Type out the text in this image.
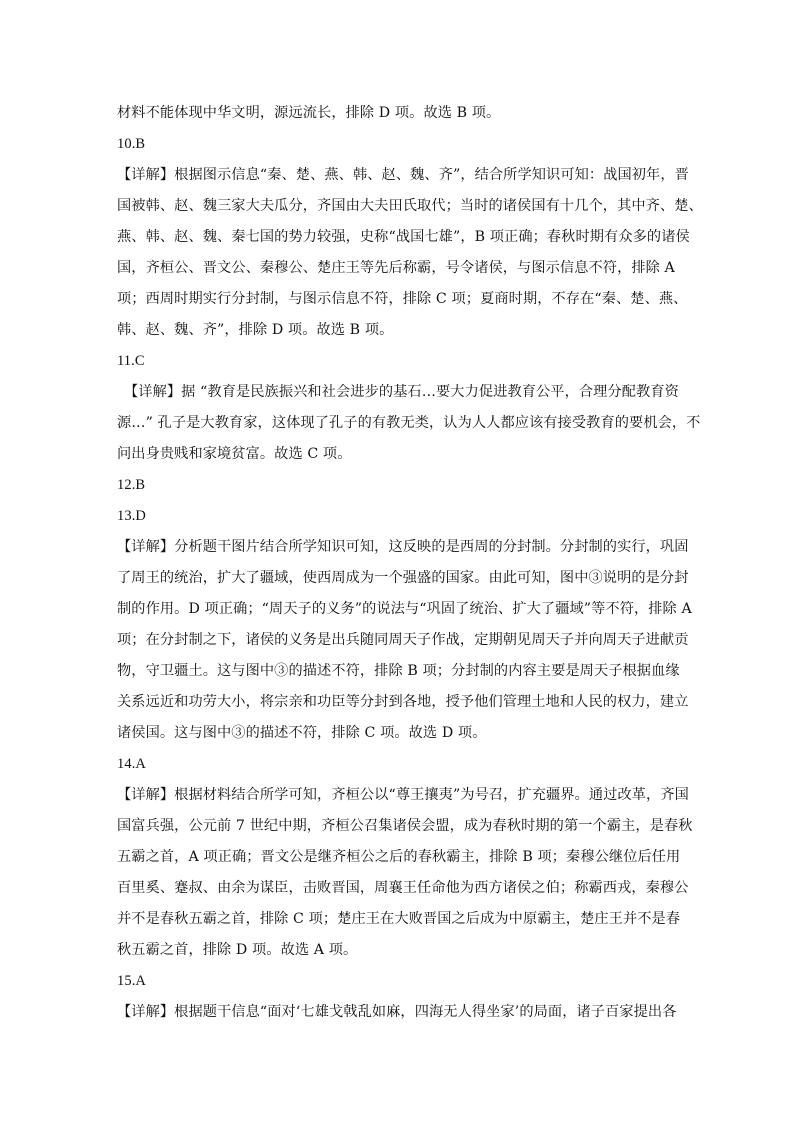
材料不能体现中华文明，源远流长，排除 D 项。故选 B 项。
10.B
【详解】根据图示信息“秦、楚、燕、韩、赵、魏、齐”，结合所学知识可知：战国初年，晋
国被韩、赵、魏三家大夫瓜分，齐国由大夫田氏取代；当时的诸侯国有十几个，其中齐、楚、
燕、韩、赵、魏、秦七国的势力较强，史称“战国七雄”，B 项正确；春秋时期有众多的诸侯
国，齐桓公、晋文公、秦穆公、楚庄王等先后称霸，号令诸侯，与图示信息不符，排除 A
项；西周时期实行分封制，与图示信息不符，排除 C 项；夏商时期，不存在“秦、楚、燕、
韩、赵、魏、齐”，排除 D 项。故选 B 项。
11.C
【详解】据 “教育是民族振兴和社会进步的基石…要大力促进教育公平，合理分配教育资
源…” 孔子是大教育家，这体现了孔子的有教无类，认为人人都应该有接受教育的要机会，不
问出身贵贱和家境贫富。故选 C 项。
12.B
13.D
【详解】分析题干图片结合所学知识可知，这反映的是西周的分封制。分封制的实行，巩固
了周王的统治，扩大了疆域，使西周成为一个强盛的国家。由此可知，图中③说明的是分封
制的作用。D 项正确；“周天子的义务”的说法与“巩固了统治、扩大了疆域”等不符，排除 A
项；在分封制之下，诸侯的义务是出兵随同周天子作战，定期朝见周天子并向周天子进献贡
物，守卫疆土。这与图中③的描述不符，排除 B 项；分封制的内容主要是周天子根据血缘
关系远近和功劳大小，将宗亲和功臣等分封到各地，授予他们管理土地和人民的权力，建立
诸侯国。这与图中③的描述不符，排除 C 项。故选 D 项。
14.A
【详解】根据材料结合所学可知，齐桓公以“尊王攘夷”为号召，扩充疆界。通过改革，齐国
国富兵强，公元前 7 世纪中期，齐桓公召集诸侯会盟，成为春秋时期的第一个霸主，是春秋
五霸之首，A 项正确；晋文公是继齐桓公之后的春秋霸主，排除 B 项；秦穆公继位后任用
百里奚、蹇叔、由余为谋臣，击败晋国，周襄王任命他为西方诸侯之伯；称霸西戎，秦穆公
并不是春秋五霸之首，排除 C 项；楚庄王在大败晋国之后成为中原霸主，楚庄王并不是春
秋五霸之首，排除 D 项。故选 A 项。
15.A
【详解】根据题干信息“面对‘七雄戈戟乱如麻，四海无人得坐家’的局面，诸子百家提出各
